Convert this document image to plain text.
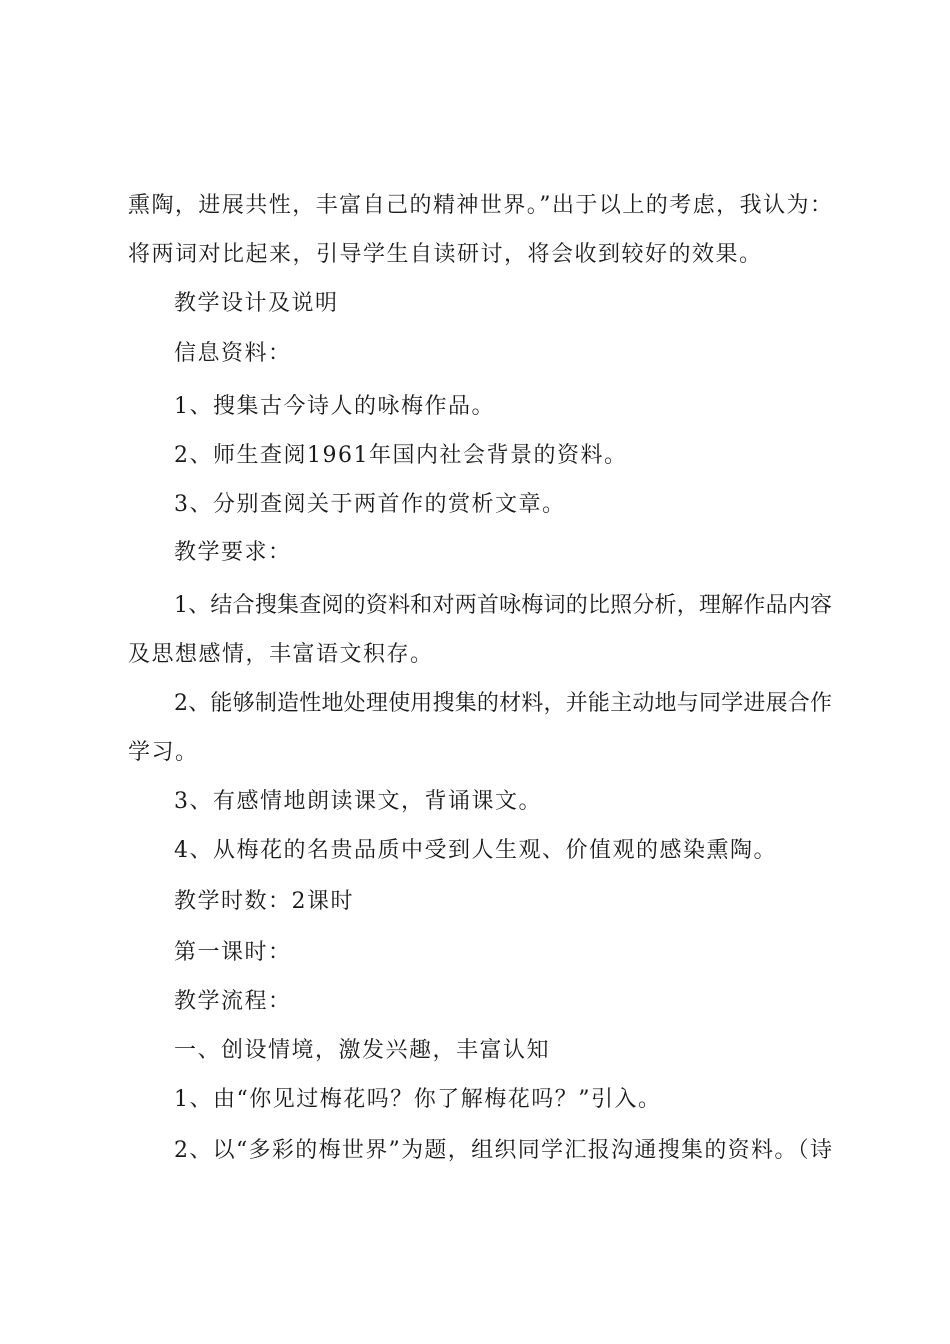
熏陶，进展共性，丰富自己的精神世界。”出于以上的考虑，我认为：
将两词对比起来，引导学生自读研讨，将会收到较好的效果。
教学设计及说明
信息资料：
1、搜集古今诗人的咏梅作品。
2、师生查阅1961年国内社会背景的资料。
3、分别查阅关于两首作的赏析文章。
教学要求：
1、结合搜集查阅的资料和对两首咏梅词的比照分析，理解作品内容
及思想感情，丰富语文积存。
2、能够制造性地处理使用搜集的材料，并能主动地与同学进展合作
学习。
3、有感情地朗读课文，背诵课文。
4、从梅花的名贵品质中受到人生观、价值观的感染熏陶。
教学时数：2课时
第一课时：
教学流程：
一、创设情境，激发兴趣，丰富认知
1、由“你见过梅花吗？你了解梅花吗？”引入。
2、以“多彩的梅世界”为题，组织同学汇报沟通搜集的资料。（诗
